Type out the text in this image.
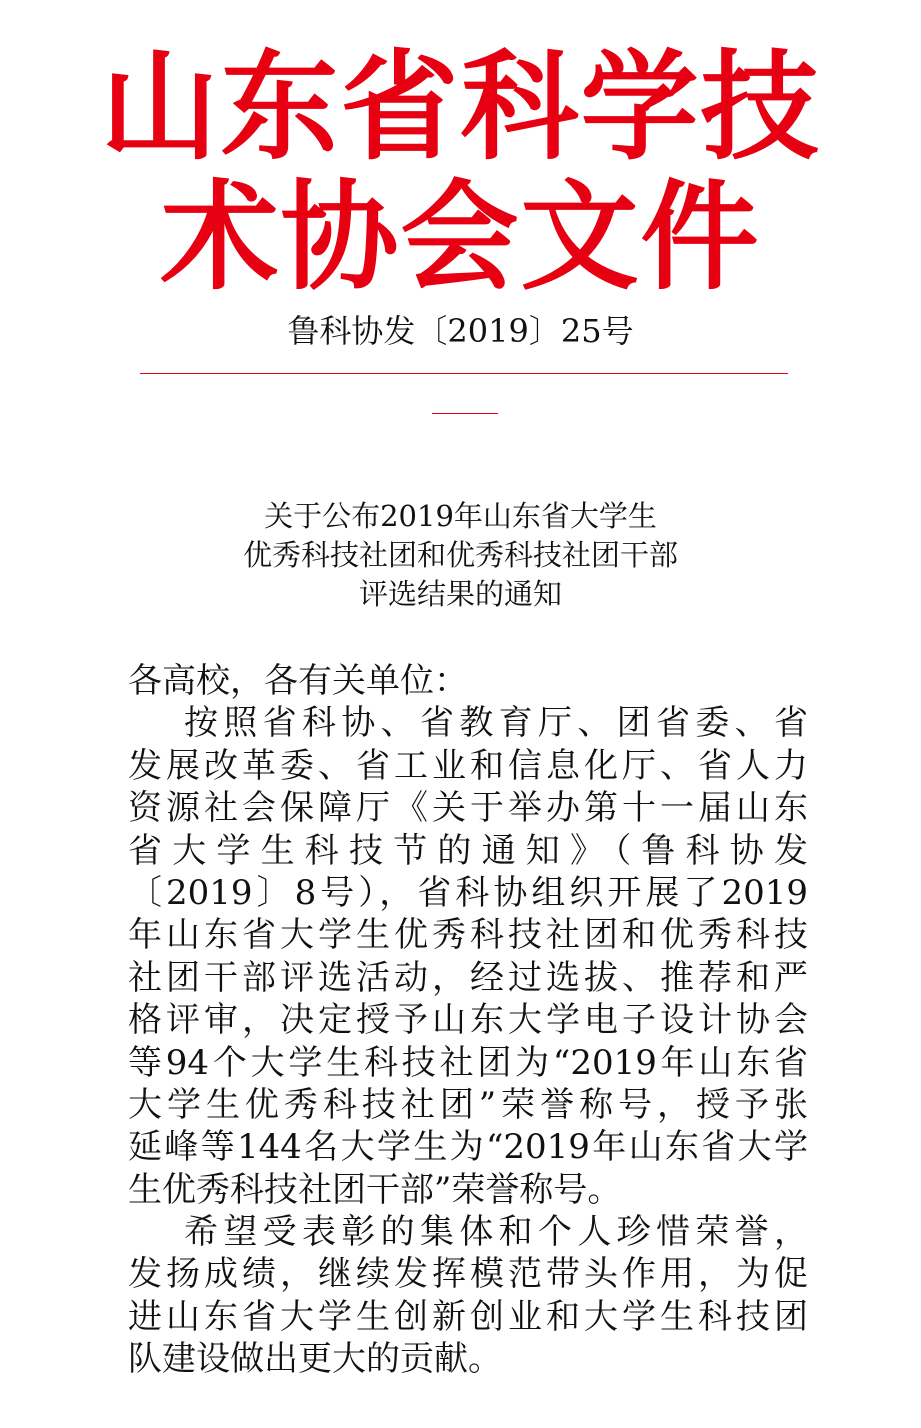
山东省科学技
术协会文件
鲁科协发〔2019〕25号
关于公布2019年山东省大学生
优秀科技社团和优秀科技社团干部
评选结果的通知
各高校，各有关单位：
按照省科协、省教育厅、团省委、省
发展改革委、省工业和信息化厅、省人力
资源社会保障厅《关于举办第十一届山东
省大学生科技节的通知》（鲁科协发
〔2019〕8号），省科协组织开展了2019
年山东省大学生优秀科技社团和优秀科技
社团干部评选活动，经过选拔、推荐和严
格评审，决定授予山东大学电子设计协会
等94个大学生科技社团为“2019年山东省
大学生优秀科技社团”荣誉称号，授予张
延峰等144名大学生为“2019年山东省大学
生优秀科技社团干部”荣誉称号。
希望受表彰的集体和个人珍惜荣誉，
发扬成绩，继续发挥模范带头作用，为促
进山东省大学生创新创业和大学生科技团
队建设做出更大的贡献。
